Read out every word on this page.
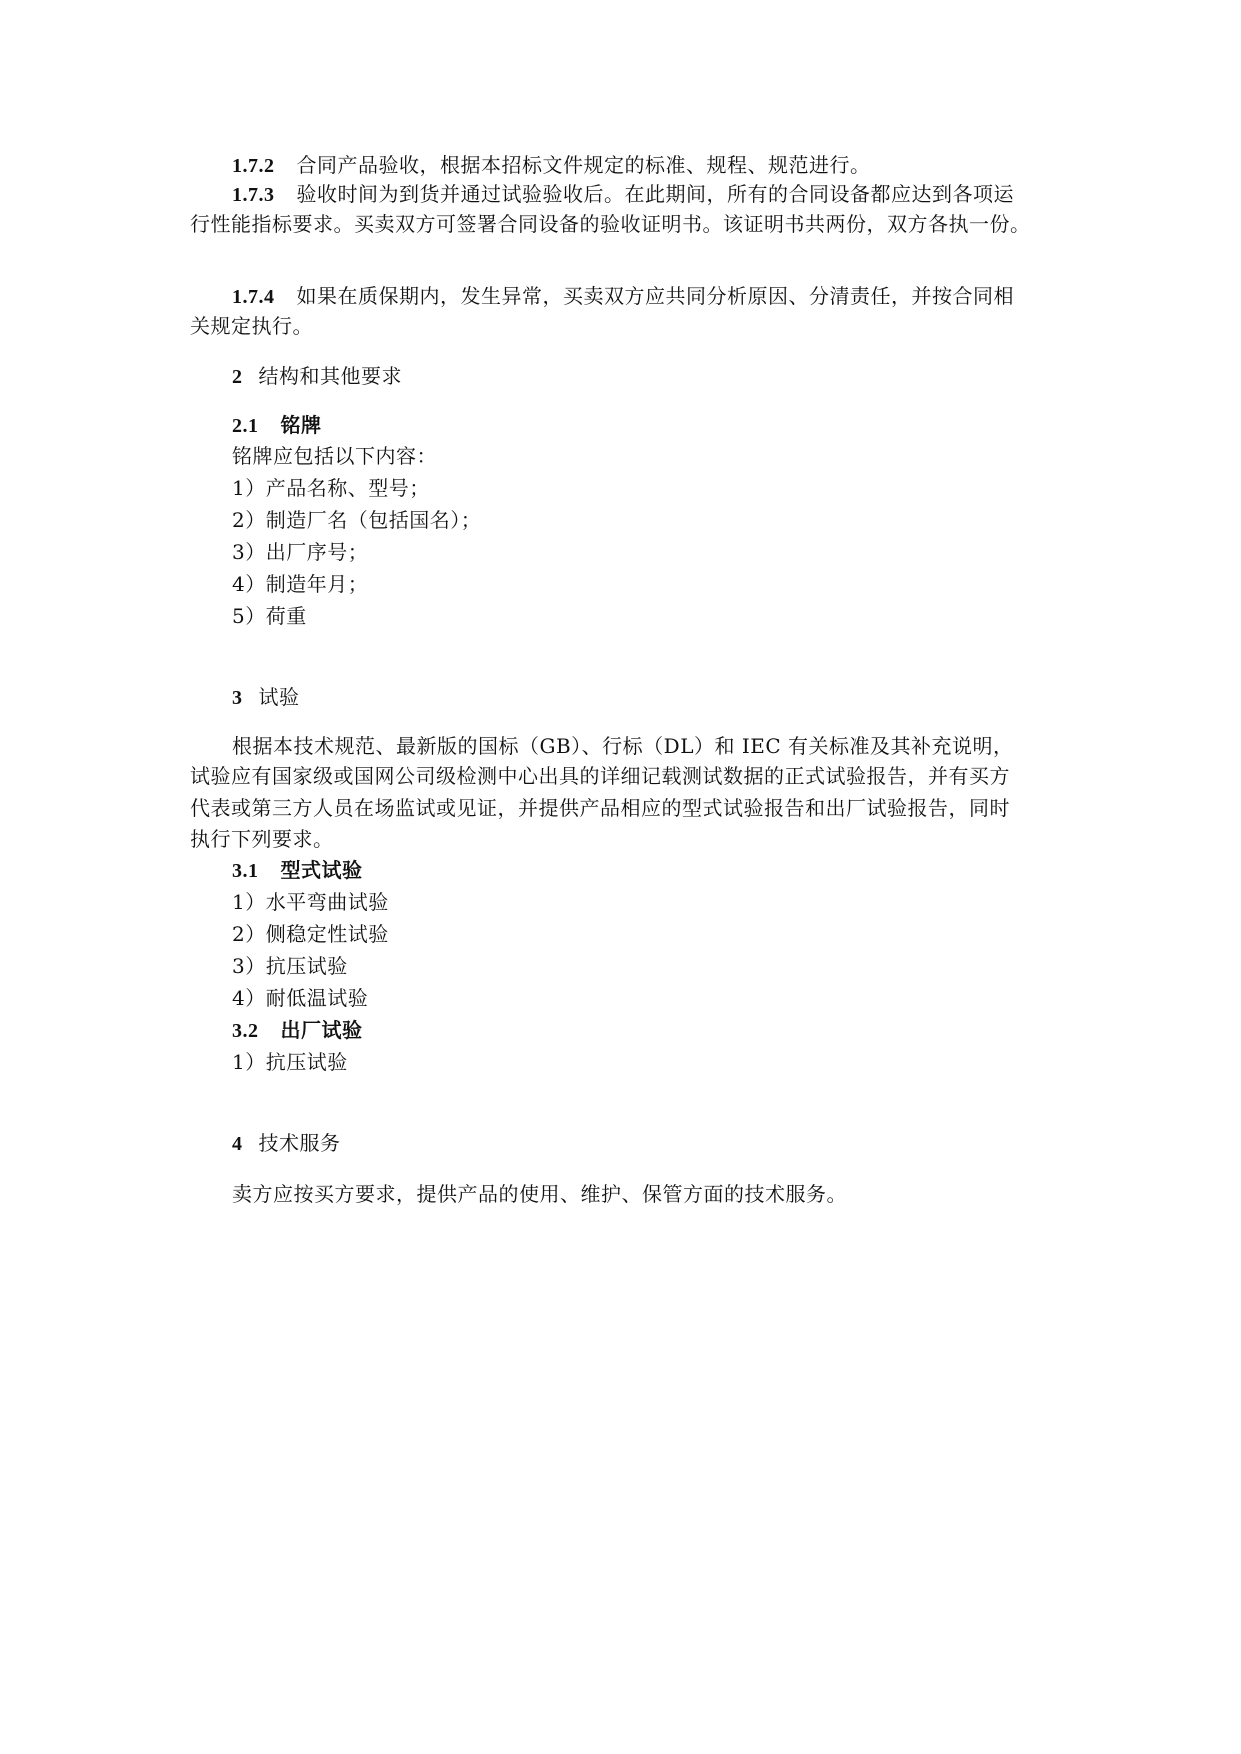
1.7.2 合同产品验收，根据本招标文件规定的标准、规程、规范进行。
1.7.3 验收时间为到货并通过试验验收后。在此期间，所有的合同设备都应达到各项运
行性能指标要求。买卖双方可签署合同设备的验收证明书。该证明书共两份，双方各执一份。
1.7.4 如果在质保期内，发生异常，买卖双方应共同分析原因、分清责任，并按合同相
关规定执行。
2 结构和其他要求
2.1 铭牌
铭牌应包括以下内容：
1）产品名称、型号；
2）制造厂名（包括国名）；
3）出厂序号；
4）制造年月；
5）荷重
3 试验
根据本技术规范、最新版的国标（GB）、行标（DL）和 IEC 有关标准及其补充说明，
试验应有国家级或国网公司级检测中心出具的详细记载测试数据的正式试验报告，并有买方
代表或第三方人员在场监试或见证，并提供产品相应的型式试验报告和出厂试验报告，同时
执行下列要求。
3.1 型式试验
1）水平弯曲试验
2）侧稳定性试验
3）抗压试验
4）耐低温试验
3.2 出厂试验
1）抗压试验
4 技术服务
卖方应按买方要求，提供产品的使用、维护、保管方面的技术服务。
